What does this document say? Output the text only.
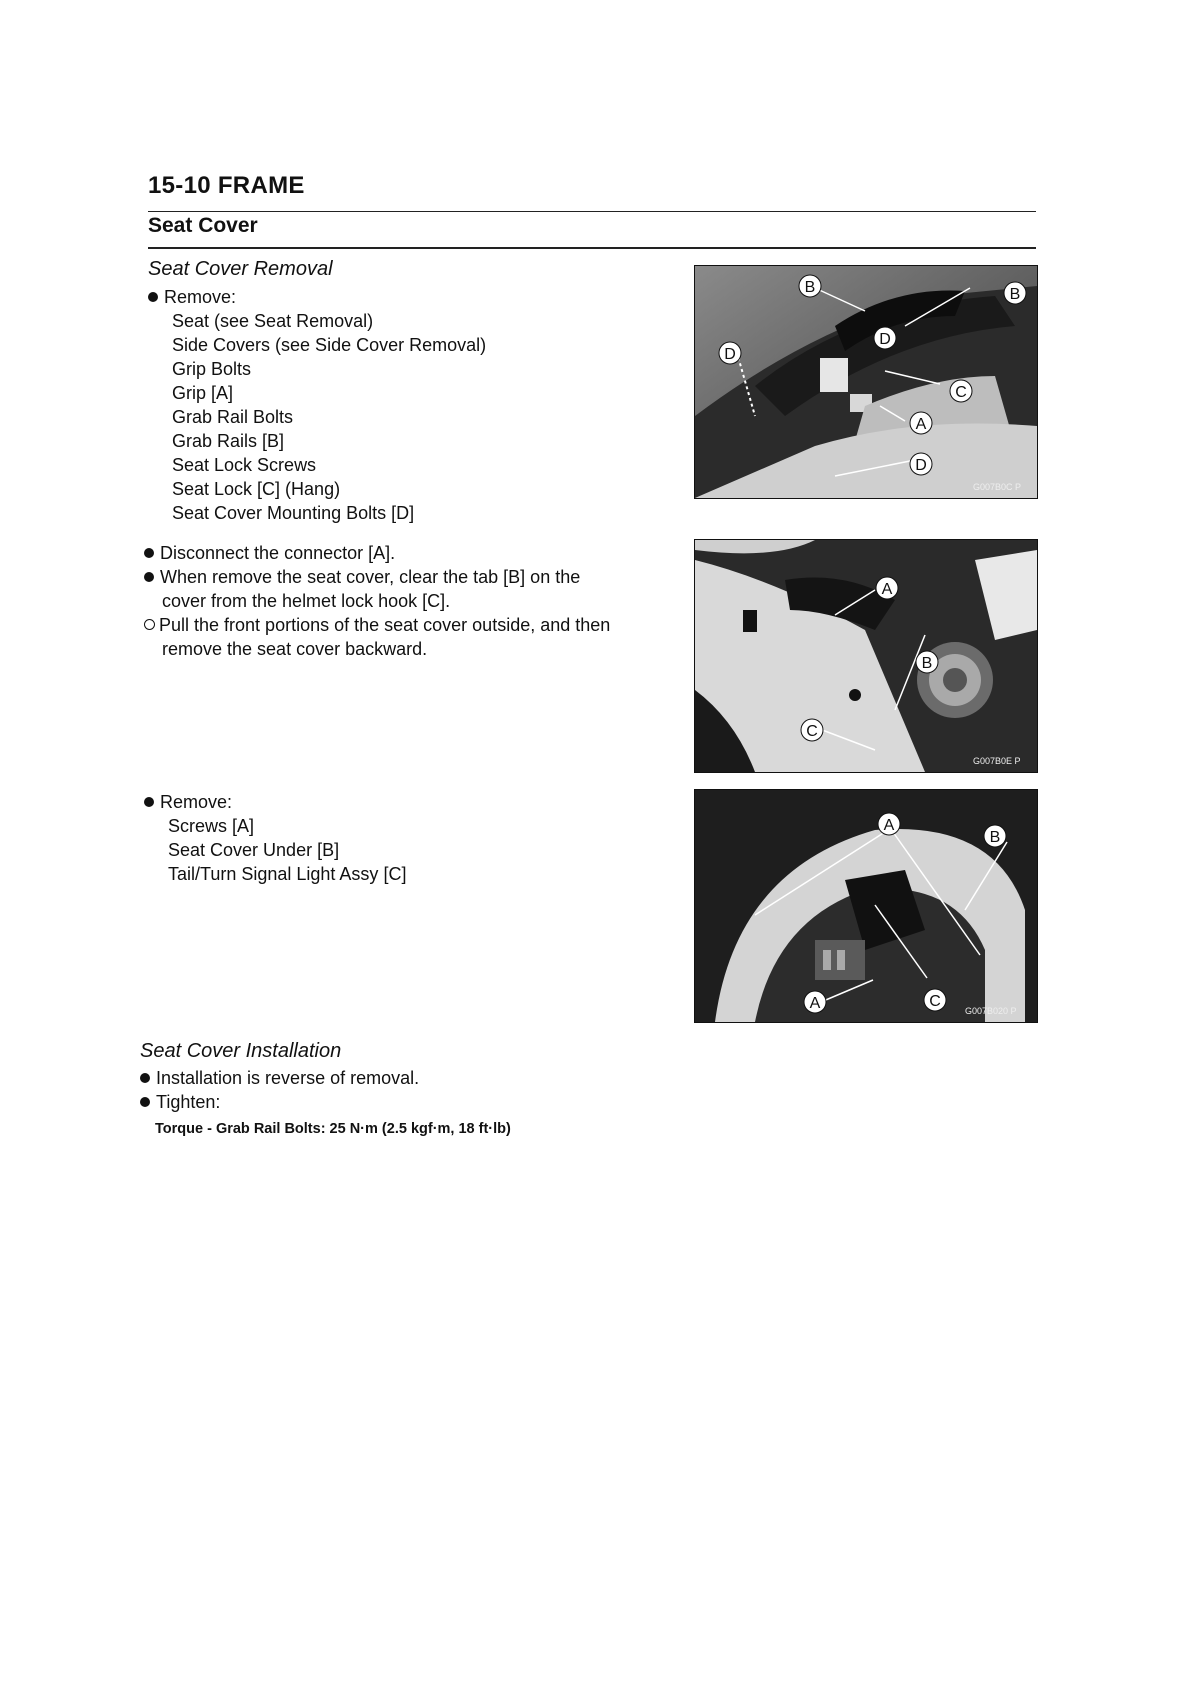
15-10 FRAME
Seat Cover
Seat Cover Removal
Remove:
Seat (see Seat Removal)
Side Covers (see Side Cover Removal)
Grip Bolts
Grip [A]
Grab Rail Bolts
Grab Rails [B]
Seat Lock Screws
Seat Lock [C] (Hang)
Seat Cover Mounting Bolts [D]
Disconnect the connector [A].
When remove the seat cover, clear the tab [B] on the
cover from the helmet lock hook [C].
Pull the front portions of the seat cover outside, and then
remove the seat cover backward.
Remove:
Screws [A]
Seat Cover Under [B]
Tail/Turn Signal Light Assy [C]
Seat Cover Installation
Installation is reverse of removal.
Tighten:
Torque - Grab Rail Bolts: 25 N·m (2.5 kgf·m, 18 ft·lb)
B	B
D
D
C
A
D
G007B0C P
A
B
C
G007B0E P
A
B
A	C
G007B020 P
